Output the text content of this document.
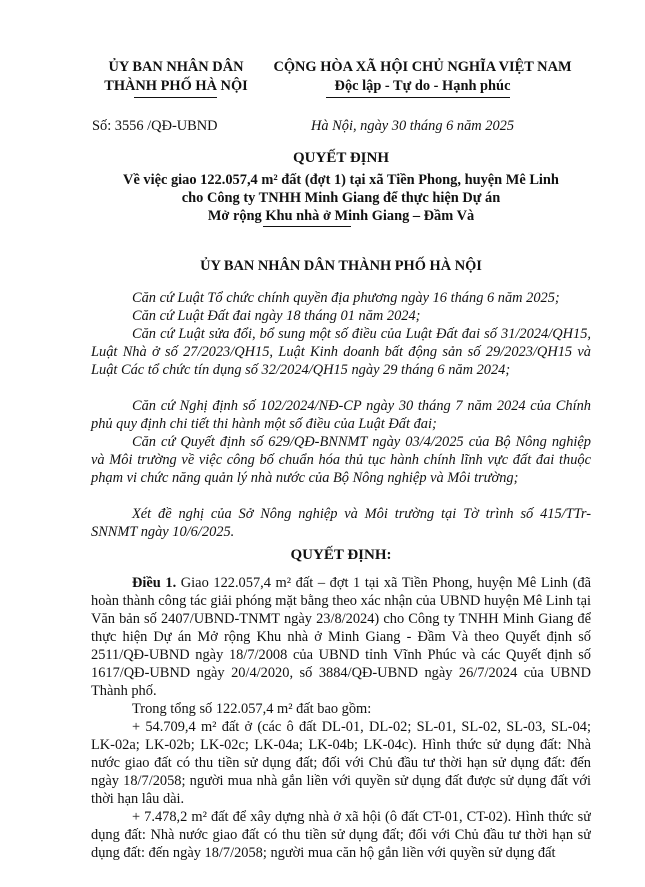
ỦY BAN NHÂN DÂN
THÀNH PHỐ HÀ NỘI
CỘNG HÒA XÃ HỘI CHỦ NGHĨA VIỆT NAM
Độc lập - Tự do - Hạnh phúc
Số: 3556 /QĐ-UBND	Hà Nội, ngày 30 tháng 6 năm 2025
QUYẾT ĐỊNH
Về việc giao 122.057,4 m² đất (đợt 1) tại xã Tiền Phong, huyện Mê Linh
cho Công ty TNHH Minh Giang để thực hiện Dự án
Mở rộng Khu nhà ở Minh Giang – Đầm Và
ỦY BAN NHÂN DÂN THÀNH PHỐ HÀ NỘI
Căn cứ Luật Tổ chức chính quyền địa phương ngày 16 tháng 6 năm 2025;
Căn cứ Luật Đất đai ngày 18 tháng 01 năm 2024;
Căn cứ Luật sửa đổi, bổ sung một số điều của Luật Đất đai số 31/2024/QH15, Luật Nhà ở số 27/2023/QH15, Luật Kinh doanh bất động sản số 29/2023/QH15 và Luật Các tổ chức tín dụng số 32/2024/QH15 ngày 29 tháng 6 năm 2024;
Căn cứ Nghị định số 102/2024/NĐ-CP ngày 30 tháng 7 năm 2024 của Chính phủ quy định chi tiết thi hành một số điều của Luật Đất đai;
Căn cứ Quyết định số 629/QĐ-BNNMT ngày 03/4/2025 của Bộ Nông nghiệp và Môi trường về việc công bố chuẩn hóa thủ tục hành chính lĩnh vực đất đai thuộc phạm vi chức năng quản lý nhà nước của Bộ Nông nghiệp và Môi trường;
Xét đề nghị của Sở Nông nghiệp và Môi trường tại Tờ trình số 415/TTr-SNNMT ngày 10/6/2025.
QUYẾT ĐỊNH:
Điều 1. Giao 122.057,4 m² đất – đợt 1 tại xã Tiền Phong, huyện Mê Linh (đã hoàn thành công tác giải phóng mặt bằng theo xác nhận của UBND huyện Mê Linh tại Văn bản số 2407/UBND-TNMT ngày 23/8/2024) cho Công ty TNHH Minh Giang để thực hiện Dự án Mở rộng Khu nhà ở Minh Giang - Đầm Và theo Quyết định số 2511/QĐ-UBND ngày 18/7/2008 của UBND tỉnh Vĩnh Phúc và các Quyết định số 1617/QĐ-UBND ngày 20/4/2020, số 3884/QĐ-UBND ngày 26/7/2024 của UBND Thành phố.
Trong tổng số 122.057,4 m² đất bao gồm:
+ 54.709,4 m² đất ở (các ô đất DL-01, DL-02; SL-01, SL-02, SL-03, SL-04; LK-02a; LK-02b; LK-02c; LK-04a; LK-04b; LK-04c). Hình thức sử dụng đất: Nhà nước giao đất có thu tiền sử dụng đất; đối với Chủ đầu tư thời hạn sử dụng đất: đến ngày 18/7/2058; người mua nhà gắn liền với quyền sử dụng đất được sử dụng đất với thời hạn lâu dài.
+ 7.478,2 m² đất để xây dựng nhà ở xã hội (ô đất CT-01, CT-02). Hình thức sử dụng đất: Nhà nước giao đất có thu tiền sử dụng đất; đối với Chủ đầu tư thời hạn sử dụng đất: đến ngày 18/7/2058; người mua căn hộ gắn liền với quyền sử dụng đất
